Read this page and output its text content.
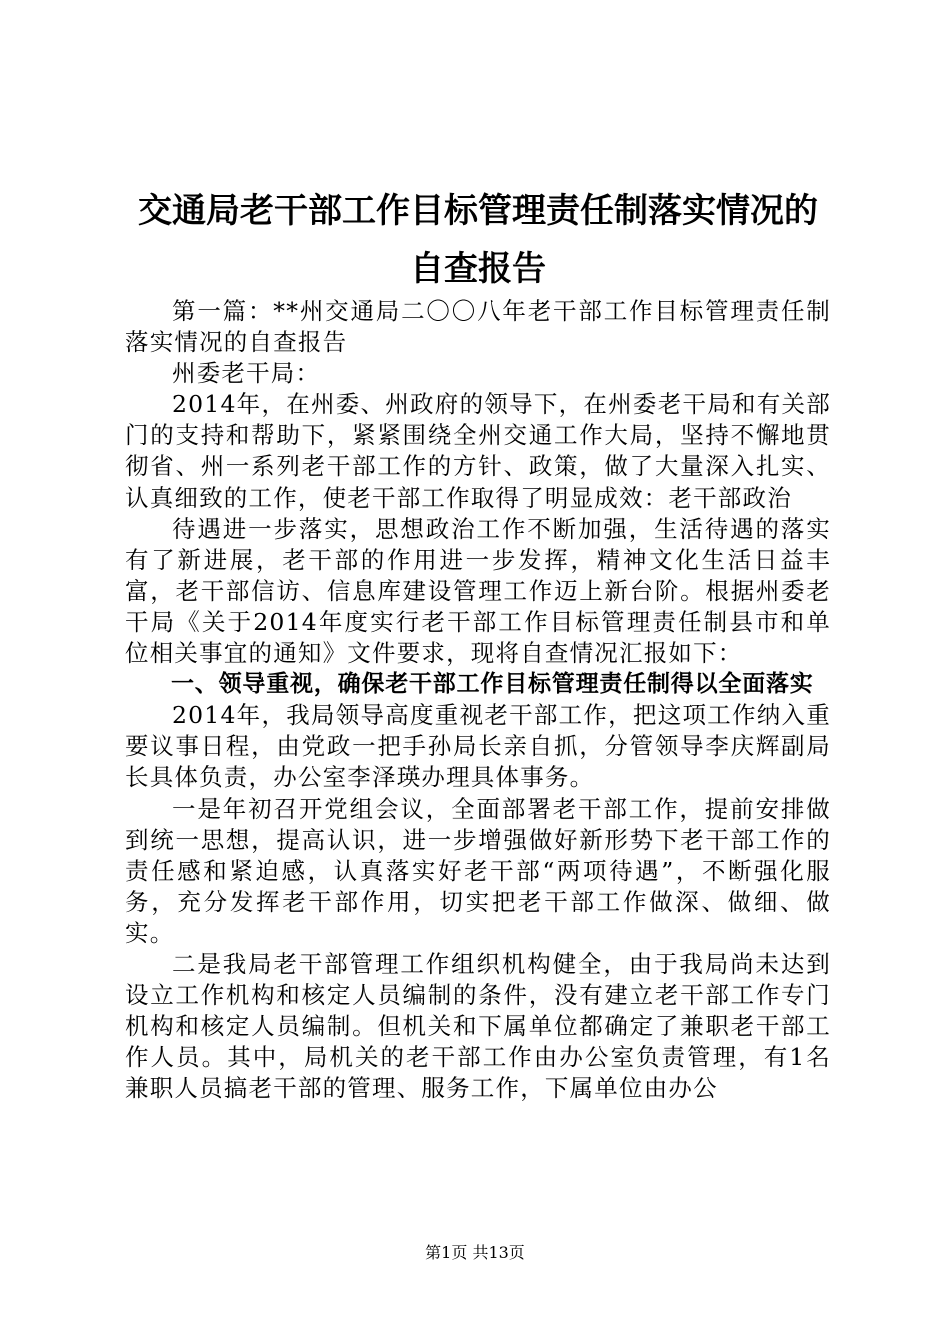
交通局老干部工作目标管理责任制落实情况的
自查报告

第一篇：**州交通局二〇〇八年老干部工作目标管理责任制落实情况的自查报告

州委老干局：

2014年，在州委、州政府的领导下，在州委老干局和有关部门的支持和帮助下，紧紧围绕全州交通工作大局，坚持不懈地贯彻省、州一系列老干部工作的方针、政策，做了大量深入扎实、认真细致的工作，使老干部工作取得了明显成效：老干部政治

待遇进一步落实，思想政治工作不断加强，生活待遇的落实有了新进展，老干部的作用进一步发挥，精神文化生活日益丰富，老干部信访、信息库建设管理工作迈上新台阶。根据州委老干局《关于2014年度实行老干部工作目标管理责任制县市和单位相关事宜的通知》文件要求，现将自查情况汇报如下：

一、领导重视，确保老干部工作目标管理责任制得以全面落实

2014年，我局领导高度重视老干部工作，把这项工作纳入重要议事日程，由党政一把手孙局长亲自抓，分管领导李庆辉副局长具体负责，办公室李泽瑛办理具体事务。

一是年初召开党组会议，全面部署老干部工作，提前安排做到统一思想，提高认识，进一步增强做好新形势下老干部工作的责任感和紧迫感，认真落实好老干部“两项待遇”，不断强化服务，充分发挥老干部作用，切实把老干部工作做深、做细、做实。

二是我局老干部管理工作组织机构健全，由于我局尚未达到设立工作机构和核定人员编制的条件，没有建立老干部工作专门机构和核定人员编制。但机关和下属单位都确定了兼职老干部工作人员。其中，局机关的老干部工作由办公室负责管理，有1名兼职人员搞老干部的管理、服务工作，下属单位由办公

第1页 共13页
